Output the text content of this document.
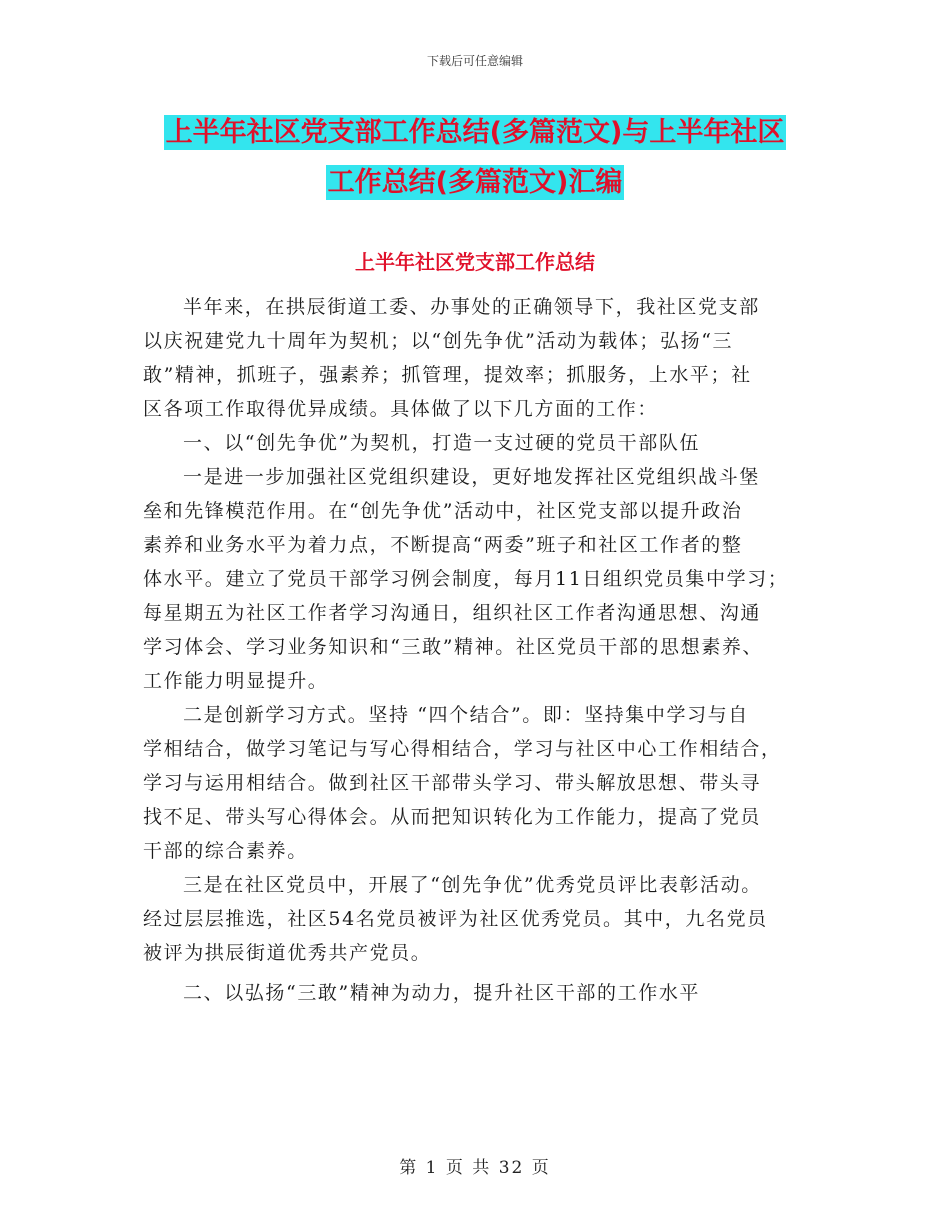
下载后可任意编辑
上半年社区党支部工作总结(多篇范文)与上半年社区
工作总结(多篇范文)汇编
上半年社区党支部工作总结
半年来，在拱辰街道工委、办事处的正确领导下，我社区党支部
以庆祝建党九十周年为契机；以“创先争优”活动为载体；弘扬“三
敢”精神，抓班子，强素养；抓管理，提效率；抓服务，上水平；社
区各项工作取得优异成绩。具体做了以下几方面的工作：
一、以“创先争优”为契机，打造一支过硬的党员干部队伍
一是进一步加强社区党组织建设，更好地发挥社区党组织战斗堡
垒和先锋模范作用。在“创先争优”活动中，社区党支部以提升政治
素养和业务水平为着力点，不断提高“两委”班子和社区工作者的整
体水平。建立了党员干部学习例会制度，每月11日组织党员集中学习；
每星期五为社区工作者学习沟通日，组织社区工作者沟通思想、沟通
学习体会、学习业务知识和“三敢”精神。社区党员干部的思想素养、
工作能力明显提升。
二是创新学习方式。坚持 “四个结合”。即：坚持集中学习与自
学相结合，做学习笔记与写心得相结合，学习与社区中心工作相结合，
学习与运用相结合。做到社区干部带头学习、带头解放思想、带头寻
找不足、带头写心得体会。从而把知识转化为工作能力，提高了党员
干部的综合素养。
三是在社区党员中，开展了“创先争优”优秀党员评比表彰活动。
经过层层推选，社区54名党员被评为社区优秀党员。其中，九名党员
被评为拱辰街道优秀共产党员。
二、以弘扬“三敢”精神为动力，提升社区干部的工作水平
第 1 页 共 32 页
